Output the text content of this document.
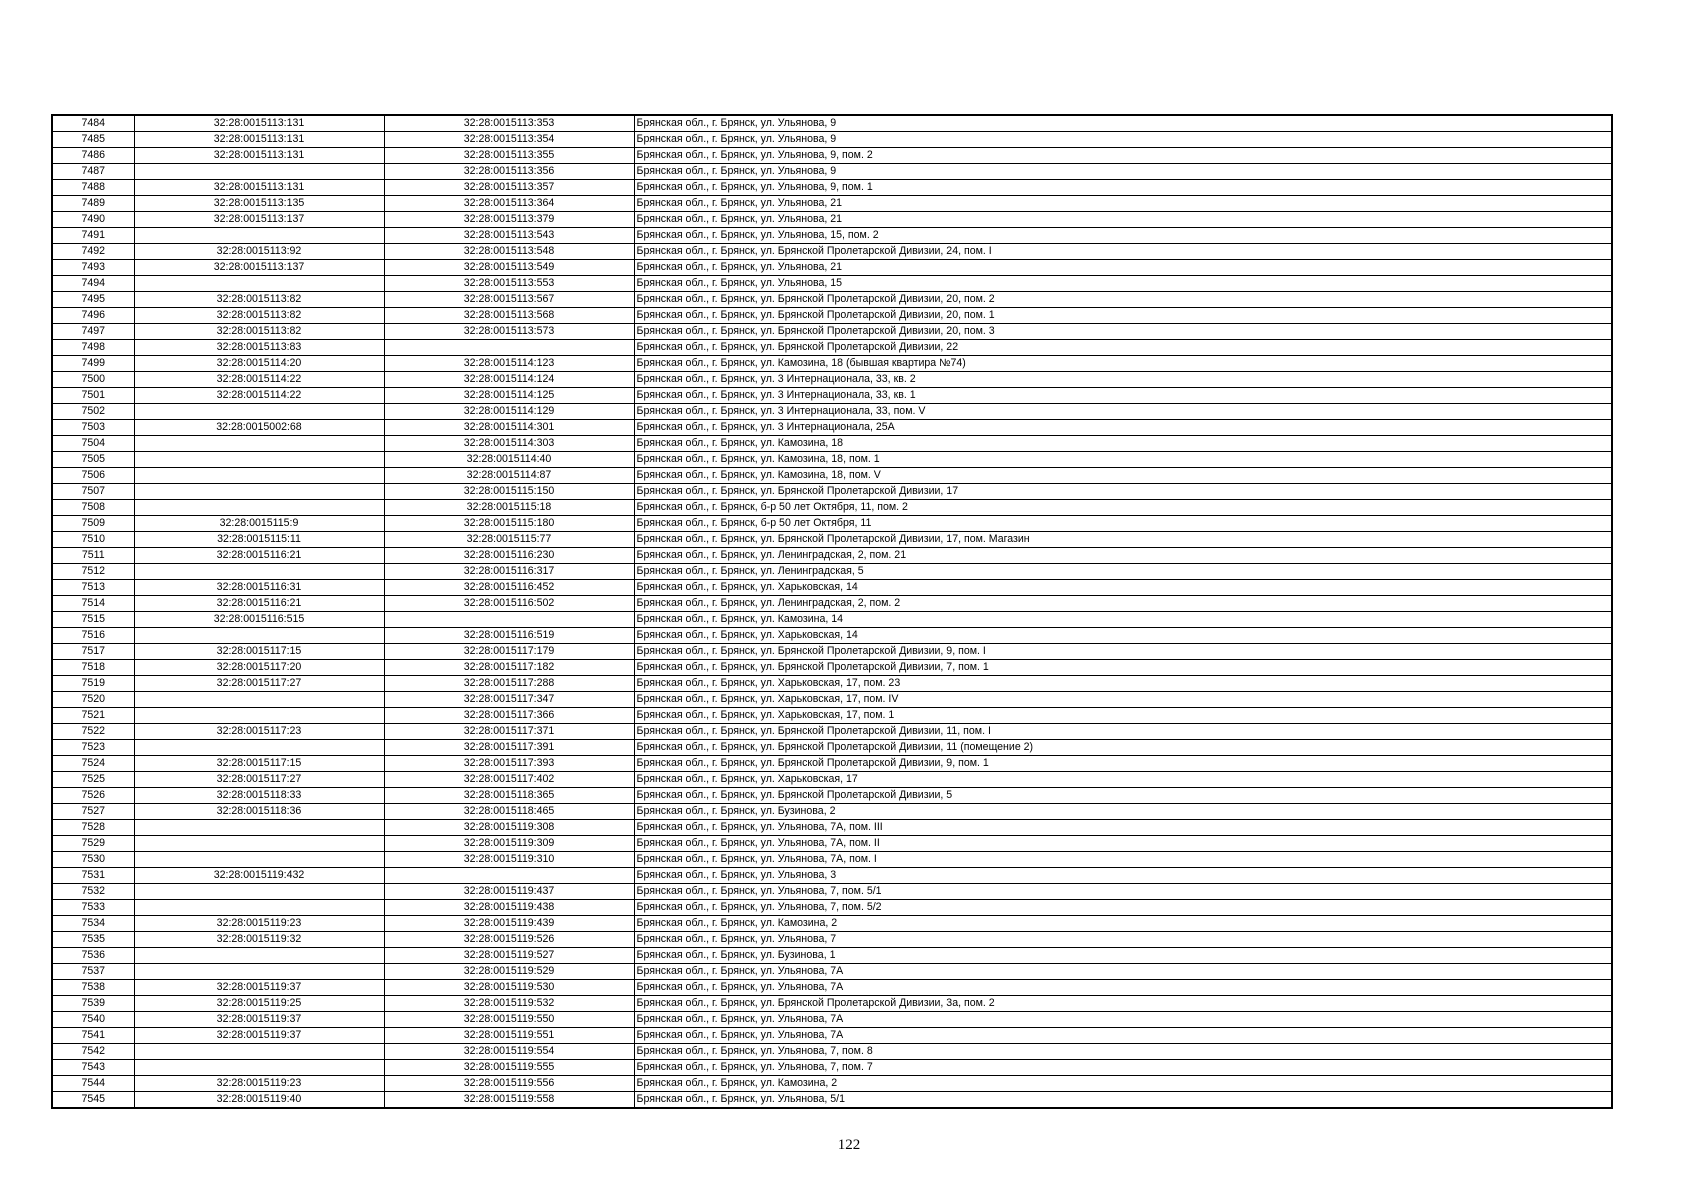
7484	32:28:0015113:131	32:28:0015113:353	Брянская обл., г. Брянск, ул. Ульянова, 9
7485	32:28:0015113:131	32:28:0015113:354	Брянская обл., г. Брянск, ул. Ульянова, 9
7486	32:28:0015113:131	32:28:0015113:355	Брянская обл., г. Брянск, ул. Ульянова, 9, пом. 2
7487		32:28:0015113:356	Брянская обл., г. Брянск, ул. Ульянова, 9
7488	32:28:0015113:131	32:28:0015113:357	Брянская обл., г. Брянск, ул. Ульянова, 9, пом. 1
7489	32:28:0015113:135	32:28:0015113:364	Брянская обл., г. Брянск, ул. Ульянова, 21
7490	32:28:0015113:137	32:28:0015113:379	Брянская обл., г. Брянск, ул. Ульянова, 21
7491		32:28:0015113:543	Брянская обл., г. Брянск, ул. Ульянова, 15, пом. 2
7492	32:28:0015113:92	32:28:0015113:548	Брянская обл., г. Брянск, ул. Брянской Пролетарской Дивизии, 24, пом. I
7493	32:28:0015113:137	32:28:0015113:549	Брянская обл., г. Брянск, ул. Ульянова, 21
7494		32:28:0015113:553	Брянская обл., г. Брянск, ул. Ульянова, 15
7495	32:28:0015113:82	32:28:0015113:567	Брянская обл., г. Брянск, ул. Брянской Пролетарской Дивизии, 20, пом. 2
7496	32:28:0015113:82	32:28:0015113:568	Брянская обл., г. Брянск, ул. Брянской Пролетарской Дивизии, 20, пом. 1
7497	32:28:0015113:82	32:28:0015113:573	Брянская обл., г. Брянск, ул. Брянской Пролетарской Дивизии, 20, пом. 3
7498	32:28:0015113:83		Брянская обл., г. Брянск, ул. Брянской Пролетарской Дивизии, 22
7499	32:28:0015114:20	32:28:0015114:123	Брянская обл., г. Брянск, ул. Камозина, 18 (бывшая квартира №74)
7500	32:28:0015114:22	32:28:0015114:124	Брянская обл., г. Брянск, ул. 3 Интернационала, 33, кв. 2
7501	32:28:0015114:22	32:28:0015114:125	Брянская обл., г. Брянск, ул. 3 Интернационала, 33, кв. 1
7502		32:28:0015114:129	Брянская обл., г. Брянск, ул. 3 Интернационала, 33, пом. V
7503	32:28:0015002:68	32:28:0015114:301	Брянская обл., г. Брянск, ул. 3 Интернационала, 25А
7504		32:28:0015114:303	Брянская обл., г. Брянск, ул. Камозина, 18
7505		32:28:0015114:40	Брянская обл., г. Брянск, ул. Камозина, 18, пом. 1
7506		32:28:0015114:87	Брянская обл., г. Брянск, ул. Камозина, 18, пом. V
7507		32:28:0015115:150	Брянская обл., г. Брянск, ул. Брянской Пролетарской Дивизии, 17
7508		32:28:0015115:18	Брянская обл., г. Брянск, б-р 50 лет Октября, 11, пом. 2
7509	32:28:0015115:9	32:28:0015115:180	Брянская обл., г. Брянск, б-р 50 лет Октября, 11
7510	32:28:0015115:11	32:28:0015115:77	Брянская обл., г. Брянск, ул. Брянской Пролетарской Дивизии, 17, пом. Магазин
7511	32:28:0015116:21	32:28:0015116:230	Брянская обл., г. Брянск, ул. Ленинградская, 2, пом. 21
7512		32:28:0015116:317	Брянская обл., г. Брянск, ул. Ленинградская, 5
7513	32:28:0015116:31	32:28:0015116:452	Брянская обл., г. Брянск, ул. Харьковская, 14
7514	32:28:0015116:21	32:28:0015116:502	Брянская обл., г. Брянск, ул. Ленинградская, 2, пом. 2
7515	32:28:0015116:515		Брянская обл., г. Брянск, ул. Камозина, 14
7516		32:28:0015116:519	Брянская обл., г. Брянск, ул. Харьковская, 14
7517	32:28:0015117:15	32:28:0015117:179	Брянская обл., г. Брянск, ул. Брянской Пролетарской Дивизии, 9, пом. I
7518	32:28:0015117:20	32:28:0015117:182	Брянская обл., г. Брянск, ул. Брянской Пролетарской Дивизии, 7, пом. 1
7519	32:28:0015117:27	32:28:0015117:288	Брянская обл., г. Брянск, ул. Харьковская, 17, пом. 23
7520		32:28:0015117:347	Брянская обл., г. Брянск, ул. Харьковская, 17, пом. IV
7521		32:28:0015117:366	Брянская обл., г. Брянск, ул. Харьковская, 17, пом. 1
7522	32:28:0015117:23	32:28:0015117:371	Брянская обл., г. Брянск, ул. Брянской Пролетарской Дивизии, 11, пом. I
7523		32:28:0015117:391	Брянская обл., г. Брянск, ул. Брянской Пролетарской Дивизии, 11 (помещение 2)
7524	32:28:0015117:15	32:28:0015117:393	Брянская обл., г. Брянск, ул. Брянской Пролетарской Дивизии, 9, пом. 1
7525	32:28:0015117:27	32:28:0015117:402	Брянская обл., г. Брянск, ул. Харьковская, 17
7526	32:28:0015118:33	32:28:0015118:365	Брянская обл., г. Брянск, ул. Брянской Пролетарской Дивизии, 5
7527	32:28:0015118:36	32:28:0015118:465	Брянская обл., г. Брянск, ул. Бузинова, 2
7528		32:28:0015119:308	Брянская обл., г. Брянск, ул. Ульянова, 7А, пом. III
7529		32:28:0015119:309	Брянская обл., г. Брянск, ул. Ульянова, 7А, пом. II
7530		32:28:0015119:310	Брянская обл., г. Брянск, ул. Ульянова, 7А, пом. I
7531	32:28:0015119:432		Брянская обл., г. Брянск, ул. Ульянова, 3
7532		32:28:0015119:437	Брянская обл., г. Брянск, ул. Ульянова, 7, пом. 5/1
7533		32:28:0015119:438	Брянская обл., г. Брянск, ул. Ульянова, 7, пом. 5/2
7534	32:28:0015119:23	32:28:0015119:439	Брянская обл., г. Брянск, ул. Камозина, 2
7535	32:28:0015119:32	32:28:0015119:526	Брянская обл., г. Брянск, ул. Ульянова, 7
7536		32:28:0015119:527	Брянская обл., г. Брянск, ул. Бузинова, 1
7537		32:28:0015119:529	Брянская обл., г. Брянск, ул. Ульянова, 7А
7538	32:28:0015119:37	32:28:0015119:530	Брянская обл., г. Брянск, ул. Ульянова, 7А
7539	32:28:0015119:25	32:28:0015119:532	Брянская обл., г. Брянск, ул. Брянской Пролетарской Дивизии, 3а, пом. 2
7540	32:28:0015119:37	32:28:0015119:550	Брянская обл., г. Брянск, ул. Ульянова, 7А
7541	32:28:0015119:37	32:28:0015119:551	Брянская обл., г. Брянск, ул. Ульянова, 7А
7542		32:28:0015119:554	Брянская обл., г. Брянск, ул. Ульянова, 7, пом. 8
7543		32:28:0015119:555	Брянская обл., г. Брянск, ул. Ульянова, 7, пом. 7
7544	32:28:0015119:23	32:28:0015119:556	Брянская обл., г. Брянск, ул. Камозина, 2
7545	32:28:0015119:40	32:28:0015119:558	Брянская обл., г. Брянск, ул. Ульянова, 5/1
122
